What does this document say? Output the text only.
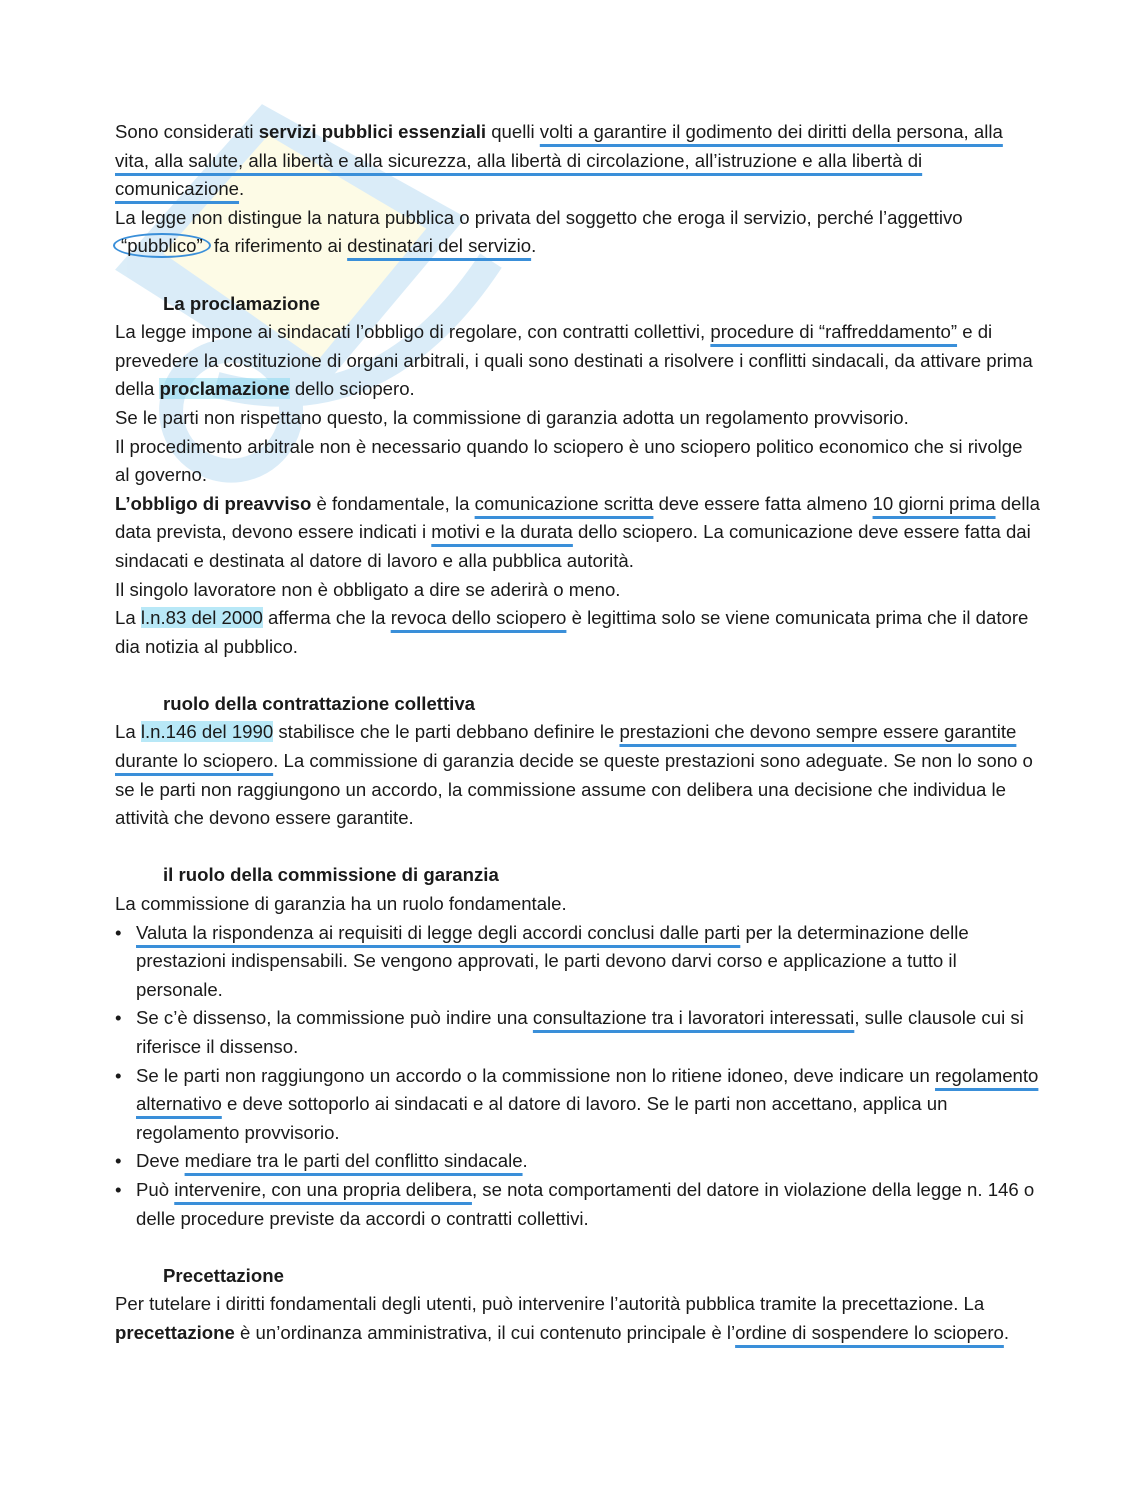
Sono considerati servizi pubblici essenziali quelli volti a garantire il godimento dei diritti della persona, alla vita, alla salute, alla libertà e alla sicurezza, alla libertà di circolazione, all’istruzione e alla libertà di comunicazione.

La legge non distingue la natura pubblica o privata del soggetto che eroga il servizio, perché l’aggettivo “pubblico” fa riferimento ai destinatari del servizio.

La proclamazione

La legge impone ai sindacati l’obbligo di regolare, con contratti collettivi, procedure di “raffreddamento” e di prevedere la costituzione di organi arbitrali, i quali sono destinati a risolvere i conflitti sindacali, da attivare prima della proclamazione dello sciopero.

Se le parti non rispettano questo, la commissione di garanzia adotta un regolamento provvisorio.

Il procedimento arbitrale non è necessario quando lo sciopero è uno sciopero politico economico che si rivolge al governo.

L’obbligo di preavviso è fondamentale, la comunicazione scritta deve essere fatta almeno 10 giorni prima della data prevista, devono essere indicati i motivi e la durata dello sciopero. La comunicazione deve essere fatta dai sindacati e destinata al datore di lavoro e alla pubblica autorità.

Il singolo lavoratore non è obbligato a dire se aderirà o meno.

La l.n.83 del 2000 afferma che la revoca dello sciopero è legittima solo se viene comunicata prima che il datore dia notizia al pubblico.

ruolo della contrattazione collettiva

La l.n.146 del 1990 stabilisce che le parti debbano definire le prestazioni che devono sempre essere garantite durante lo sciopero. La commissione di garanzia decide se queste prestazioni sono adeguate. Se non lo sono o se le parti non raggiungono un accordo, la commissione assume con delibera una decisione che individua le attività che devono essere garantite.

il ruolo della commissione di garanzia

La commissione di garanzia ha un ruolo fondamentale.

• Valuta la rispondenza ai requisiti di legge degli accordi conclusi dalle parti per la determinazione delle prestazioni indispensabili. Se vengono approvati, le parti devono darvi corso e applicazione a tutto il personale.
• Se c’è dissenso, la commissione può indire una consultazione tra i lavoratori interessati, sulle clausole cui si riferisce il dissenso.
• Se le parti non raggiungono un accordo o la commissione non lo ritiene idoneo, deve indicare un regolamento alternativo e deve sottoporlo ai sindacati e al datore di lavoro. Se le parti non accettano, applica un regolamento provvisorio.
• Deve mediare tra le parti del conflitto sindacale.
• Può intervenire, con una propria delibera, se nota comportamenti del datore in violazione della legge n. 146 o delle procedure previste da accordi o contratti collettivi.
Precettazione

Per tutelare i diritti fondamentali degli utenti, può intervenire l’autorità pubblica tramite la precettazione. La precettazione è un’ordinanza amministrativa, il cui contenuto principale è l’ordine di sospendere lo sciopero.
